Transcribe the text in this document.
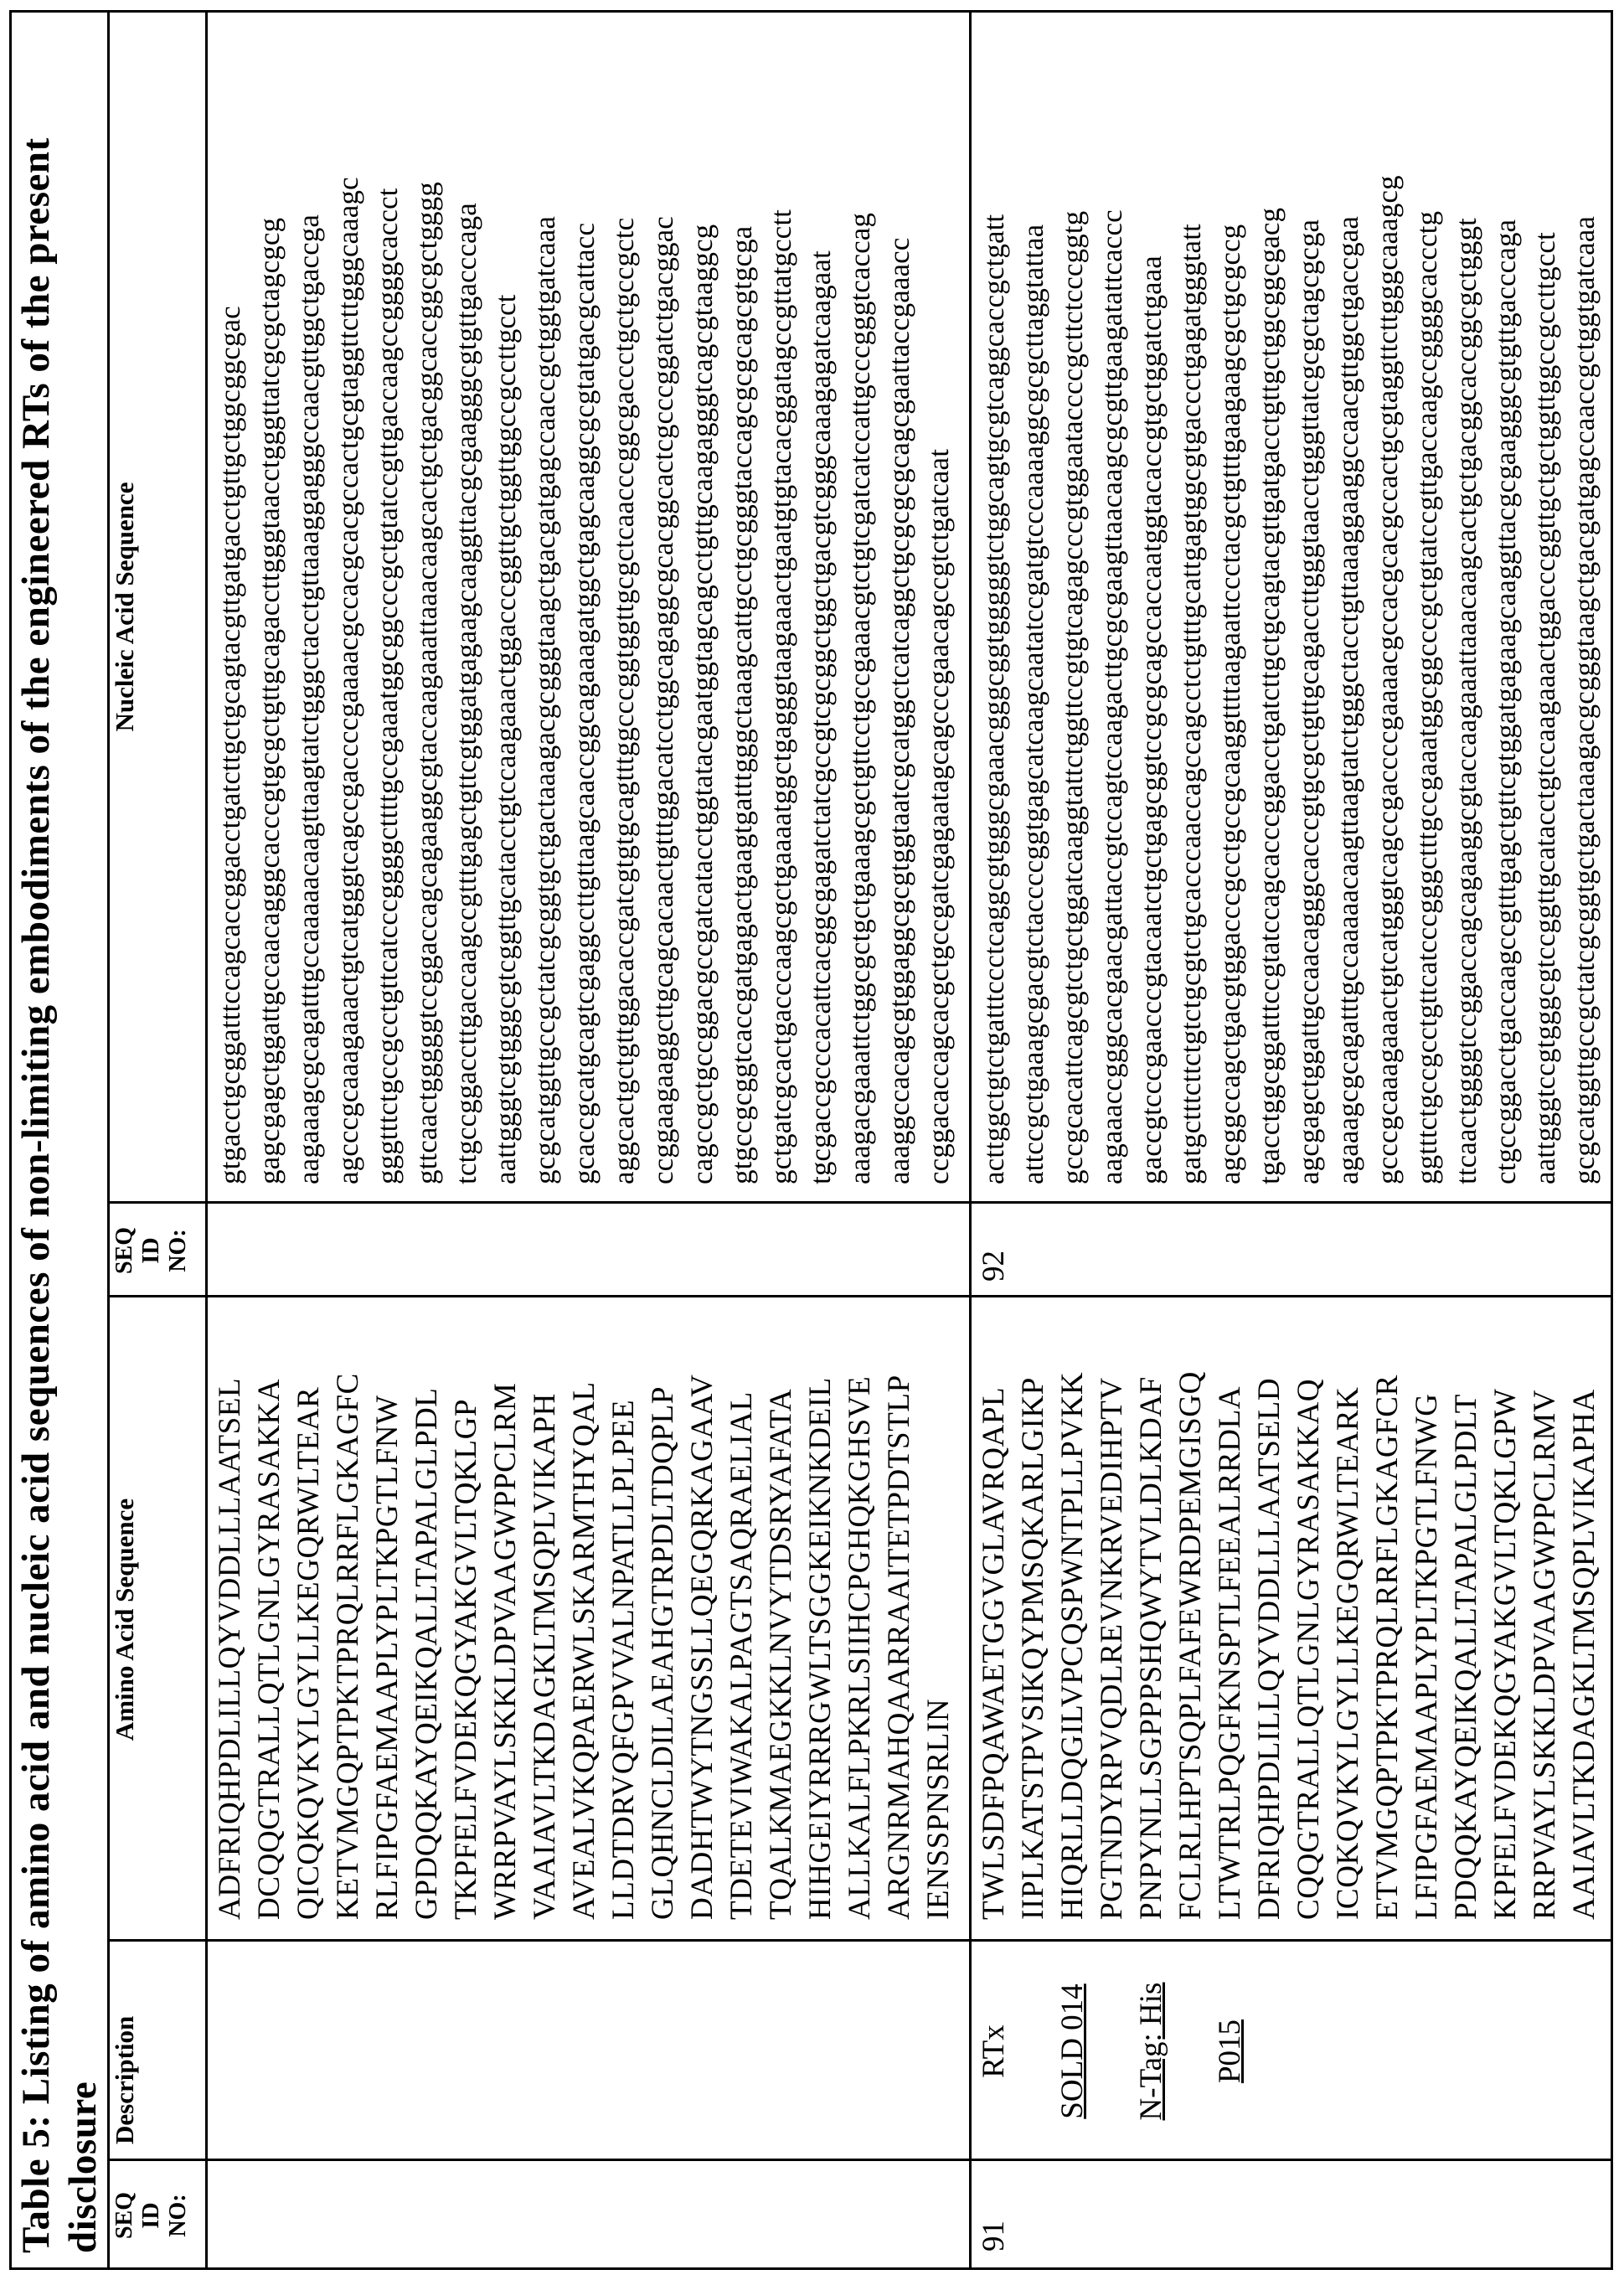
Table 5: Listing of amino acid and nucleic acid sequences of non-limiting embodiments of the engineered RTs of the present
disclosure SEQ ID NO:
Description
Amino Acid Sequence
SEQ ID NO:
Nucleic Acid Sequence
ADFRIQHPDLILLQYVDDLLLAATSEL DCQQGTRALLQTLGNLGYRASAKKA QICQKQVKYLGYLLKEGQRWLTEAR KETVMGQPTPKTPRQLRRFLGKAGFC RLFIPGFAEMAAPLYPLTKPGTLFNW GPDQQKAYQEIKQALLTAPALGLPDL TKPFELFVDEKQGYAKGVLTQKLGP WRRPVAYLSKKLDPVAAGWPPCLRM VAAIAVLTKDAGKLTMSQPLVIKAPH AVEALVKQPAERWLSKARMTHYQAL LLDTDRVQFGPVVALNPATLLPLPEE GLQHNCLDILAEAHGTRPDLTDQPLP DADHTWYTNGSSLLQEGQRKAGAAV TDETEVIWAKALPAGTSAQRAELIAL TQALKMAEGKKLNVYTDSRYAFATA HIHGEIYRRRGWLTSGGKEIKNKDEIL ALLKALFLPKRLSIIHCPGHQKGHSVE ARGNRMAHQAARRAAITETPDTSTLP IENSSPNSRLIN
gtgacctgcggatttccagcaccggacctgatcttgctgcagtacgttgatgacctgttgctggcggcgac gagcgagctggattgccaacagggcacccgtgcgctgttgcagaccttgggtaacctgggttatcgcgctagcgcg aagaaagcgcagatttgccaaaaacaagttaagtatctgggctacctgttaaaggagggccaacgttggctgaccga agcccgcaaagaaactgtcatgggtcagccgaccccgaaaacgccacgcacgccactgcgtaggttcttgggcaaagc gggtttctgccgcctgttcatcccggggcttttgccgaaatggcggcccgctgtatccgttgaccaagccggggcaccct gttcaactgggggtccggaccagcagaaggcgtaccaagaaattaaacaagcactgctgacggcaccggcgctgggg tctgccggaccttgaccaagccgtttgagctgttcgtggatgagaagcaaggttacgcgaagggcgtgttgacccaga aattgggtcgtgggcgtcggttgcatacctgtccaagaaactggacccggttgctggttggccgccttgcct gcgcatggttgccgctatcgcggtgctgactaaagacgcgggtaagctgacgatgagccaaccgctggtgatcaaa gcaccgcatgcagtcgaggccttgttaagcaaccggcagaaagatggctgagcaaggcgcgtatgacgcattacc aggcactgctgttggacaccgatcgtgtgcagtttggcccggtggttgcgctcaacccggcgaccctgctgccgctc ccggaagaaggcttgcagcacaactgtttggacatcctggcagaggcgcacggcactcgcccggatctgacggac cagccgctgccggacgccgatcatacctggtatacgaatggtagcagcctgttgcaagagggtcagcgtaaggcg gtgccgcggtcaccgatgagactgaagtgatttgggctaaagcattgcctgcgggtaccagcgcgcagcgtgcga gctgatcgcactgacccaagcgctgaaaatggctgagggtaagaaactgaatgtgtacacggatagccgttatgcctt tgcgaccgcccacattcacggcgagatctatcgccgtcgcggctggctgacgtcgggcaaagagatcaagaat aaagacgaaattctggcgctgctgaaagcgctgttcctgccgaaacgtctgtcgatcatccattgcccgggtcaccag aaaggccacagcgtggaggcgcgtggtaatcgcatggctcatcaggctgcgcgcgcagcgaattaccgaaacc ccggacaccagcacgctgccgatcgagaatagcagcccgaacagccgtctgatcaat
91
RTx SOLD 014 N-Tag: His P015
TWLSDFPQAWAETGGVGLAVRQAPL IIPLKATSTPVSIKQYPMSQKARLGIKP HIQRLLDQGILVPCQSPWNTPLLPVKK PGTNDYRPVQDLREVNKRVEDIHPTV PNPYNLLSGPPPSHQWYTVLDLKDAF FCLRLHPTSQPLFAFEWRDPEMGISGQ LTWTRLPQGFKNSPTLFEEALRRDLA DFRIQHPDLILLQYVDDLLLAATSELD CQQGTRALLQTLGNLGYRASAKKAQ ICQKQVKYLGYLLKEGQRWLTEARK ETVMGQPTPKTPRQLRRFLGKAGFCR LFIPGFAEMAAPLYPLTKPGTLFNWG PDQQKAYQEIKQALLTAPALGLPDLT KPFELFVDEKQGYAKGVLTQKLGPW RRPVAYLSKKLDPVAAGWPPCLRMV AAIAVLTKDAGKLTMSQPLVIKAPHA
92
acttggctgtctgatttccctcaggcgtgggcgaaacgggcggtgggggtctggcagtgcgtcaggcaccgctgatt attccgctgaaagcgacgtctaccccggtgagcatcaagcaatatccgatgtcccaaaaggcgcgcttaggtattaa gccgcacattcagcgtctgctggatcaaggtattctggttccgtgtcagagcccgtggaataccccgcttctcccggtg aagaaaccgggcacgaacgattaccgtccagtccaagacttgcgcgaagttaacaagcgcgttgaagatattcaccc gaccgtcccgaacccgtacaatctgctgagcggtccgcgcagccaccaatggtacaccgtgctggatctgaaa gatgctttcttctgtctgcgtctgcacccaaccagccagcctctgtttgcattgagtggcgtgaccctgagatgggtatt agcggccagctgacgtggacccgcctgccgcaaggttttaagaattccctacgctgtttgaagaagcgctgcgccg tgacctggcggatttccgtatccagcacccggacctgatcttgctgcagtacgttgatgacctgttgctggcggcgacg agcgagctggattgccaacagggcacccgtgcgctgttgcagaccttgggtaacctgggttatcgcgctagcgcga agaaagcgcagatttgccaaaaacaagttaagtatctgggctacctgttaaaggaaggccaacgttggctgaccgaa gcccgcaaagaaactgtcatgggtcagccgaccccgaaaacgccacgcacgccactgcgtaggttcttgggcaaagcg ggtttctgccgcctgttcatcccgggctttgccgaaatggcggcccgctgtatccgttgaccaagccggggcaccctg ttcaactggggtccggaccagcagaaggcgtaccaagaaattaaacaagcactgctgacggcaccggcgctgggt ctgccggacctgaccaagccgtttgagctgttcgtggatgagaagcaaggttacgcgaagggcgtgttgacccaga aattgggtccgtgggcgtccggttgcatacctgtccaagaaactggacccggttgctgctggttggccgccttgcct gcgcatggttgccgctatcgcggtgctgactaaagacgcgggtaagctgacgatgagccaaccgctggtgatcaaa
